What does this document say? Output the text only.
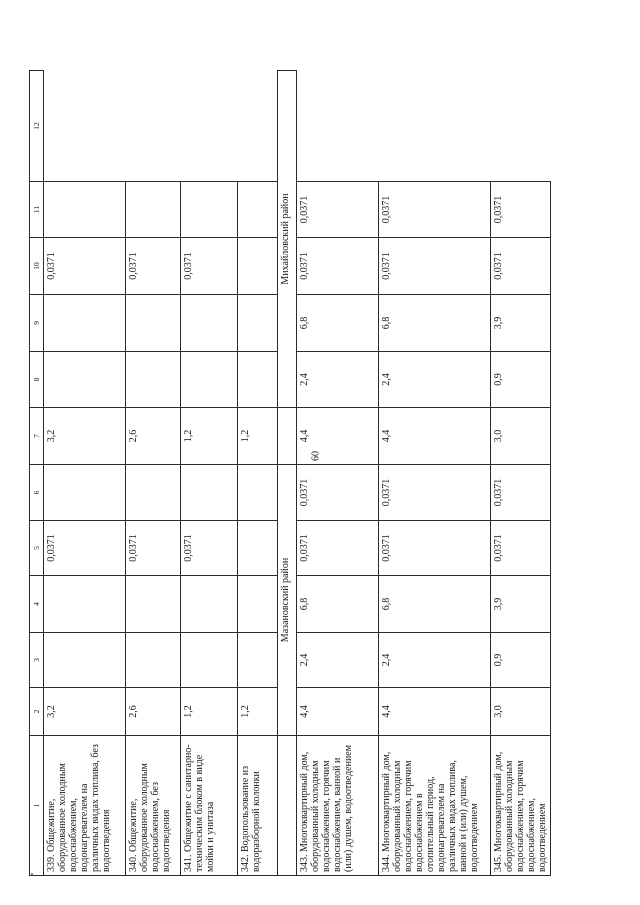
60
1	2	3	4	5	6	7	8	9	10	11	12
339. Общежитие, оборудованное холодным водоснабжением, водонагревателем на различных видах топлива, без водоотведения	3,2			0,0371		3,2			0,0371		
340. Общежитие, оборудованное холодным водоснабжением, без водоотведения	2,6			0,0371		2,6			0,0371		
341. Общежитие с санитарно-техническим блоком в виде мойки и унитаза	1,2			0,0371		1,2			0,0371		
342. Водопользование из водоразборной колонки	1,2					1,2					
	Мазановский район						Михайловский район				
343. Многоквартирный дом, оборудованный холодным водоснабжением, горячим водоснабжением, ванной и (или) душем, водоотведением	4,4	2,4	6,8	0,0371	0,0371	4,4	2,4	6,8	0,0371	0,0371	
344. Многоквартирный дом, оборудованный холодным водоснабжением, горячим водоснабжением в отопительный период, водонагревателем на различных видах топлива, ванной и (или) душем, водоотведением	4,4	2,4	6,8	0,0371	0,0371	4,4	2,4	6,8	0,0371	0,0371	
345. Многоквартирный дом, оборудованный холодным водоснабжением, горячим водоснабжением, водоотведением	3,0	0,9	3,9	0,0371	0,0371	3,0	0,9	3,9	0,0371	0,0371	
